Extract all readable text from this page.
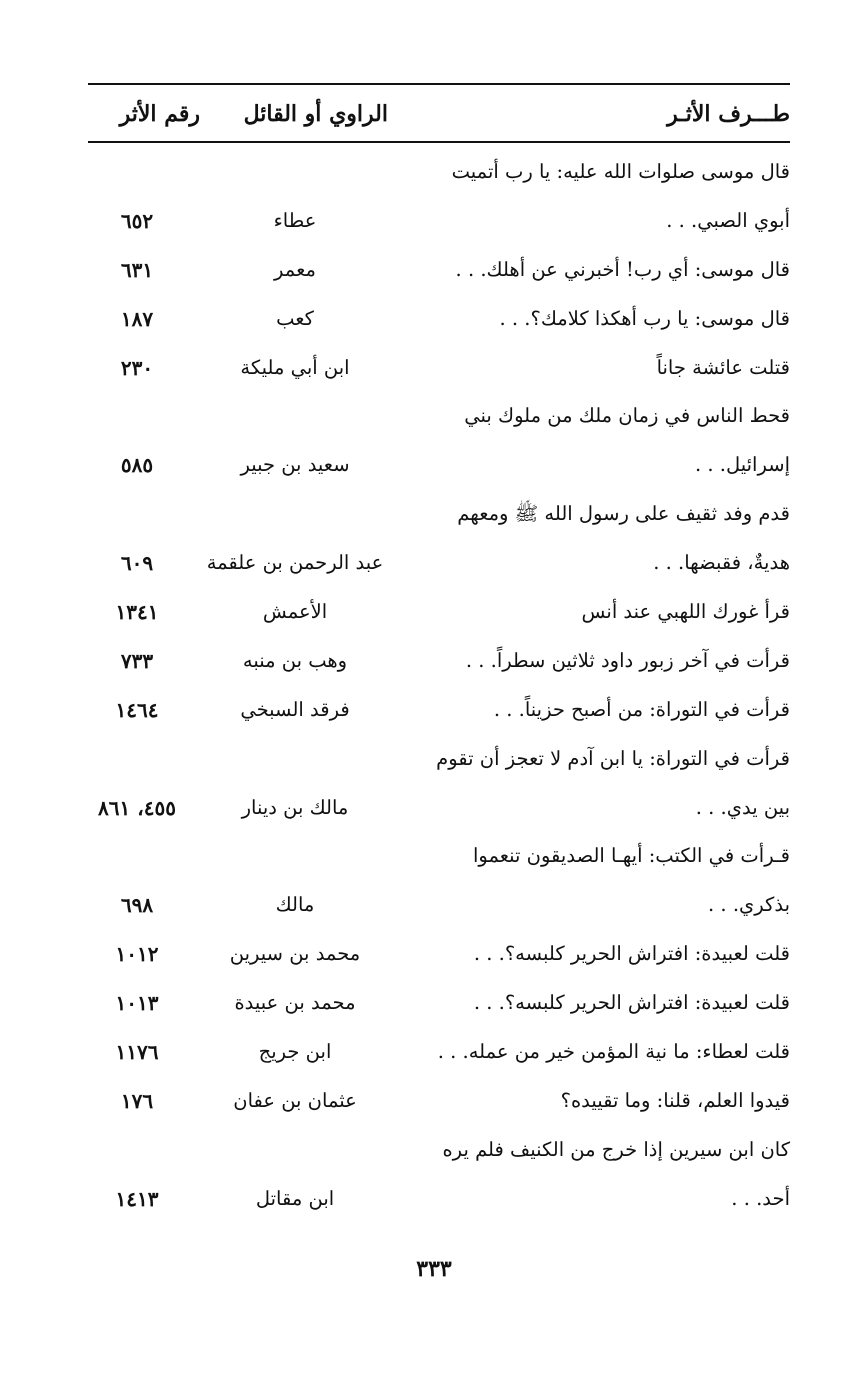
طـــرف الأثـر
الراوي أو القائل
رقم الأثر
قال موسى صلوات الله عليه: يا رب أتميت
أبوي الصبي. . .
عطاء
٦٥٢
قال موسى: أي رب! أخبرني عن أهلك. . .
معمر
٦٣١
قال موسى: يا رب أهكذا كلامك؟. . .
كعب
١٨٧
قتلت عائشة جاناً
ابن أبي مليكة
٢٣٠
قحط الناس في زمان ملك من ملوك بني
إسرائيل. . .
سعيد بن جبير
٥٨٥
قدم وفد ثقيف على رسول الله ﷺ ومعهم
هديةٌ، فقبضها. . .
عبد الرحمن بن علقمة
٦٠٩
قرأ غورك اللهبي عند أنس
الأعمش
١٣٤١
قرأت في آخر زبور داود ثلاثين سطراً. . .
وهب بن منبه
٧٣٣
قرأت في التوراة: من أصبح حزيناً. . .
فرقد السبخي
١٤٦٤
قرأت في التوراة: يا ابن آدم لا تعجز أن تقوم
بين يدي. . .
مالك بن دينار
٤٥٥، ٨٦١
قـرأت في الكتب: أيهـا الصديقون تنعموا
بذكري. . .
مالك
٦٩٨
قلت لعبيدة: افتراش الحرير كلبسه؟. . .
محمد بن سيرين
١٠١٢
قلت لعبيدة: افتراش الحرير كلبسه؟. . .
محمد بن عبيدة
١٠١٣
قلت لعطاء: ما نية المؤمن خير من عمله. . .
ابن جريج
١١٧٦
قيدوا العلم، قلنا: وما تقييده؟
عثمان بن عفان
١٧٦
كان ابن سيرين إذا خرج من الكنيف فلم يره
أحد. . .
ابن مقاتل
١٤١٣
٣٣٣
